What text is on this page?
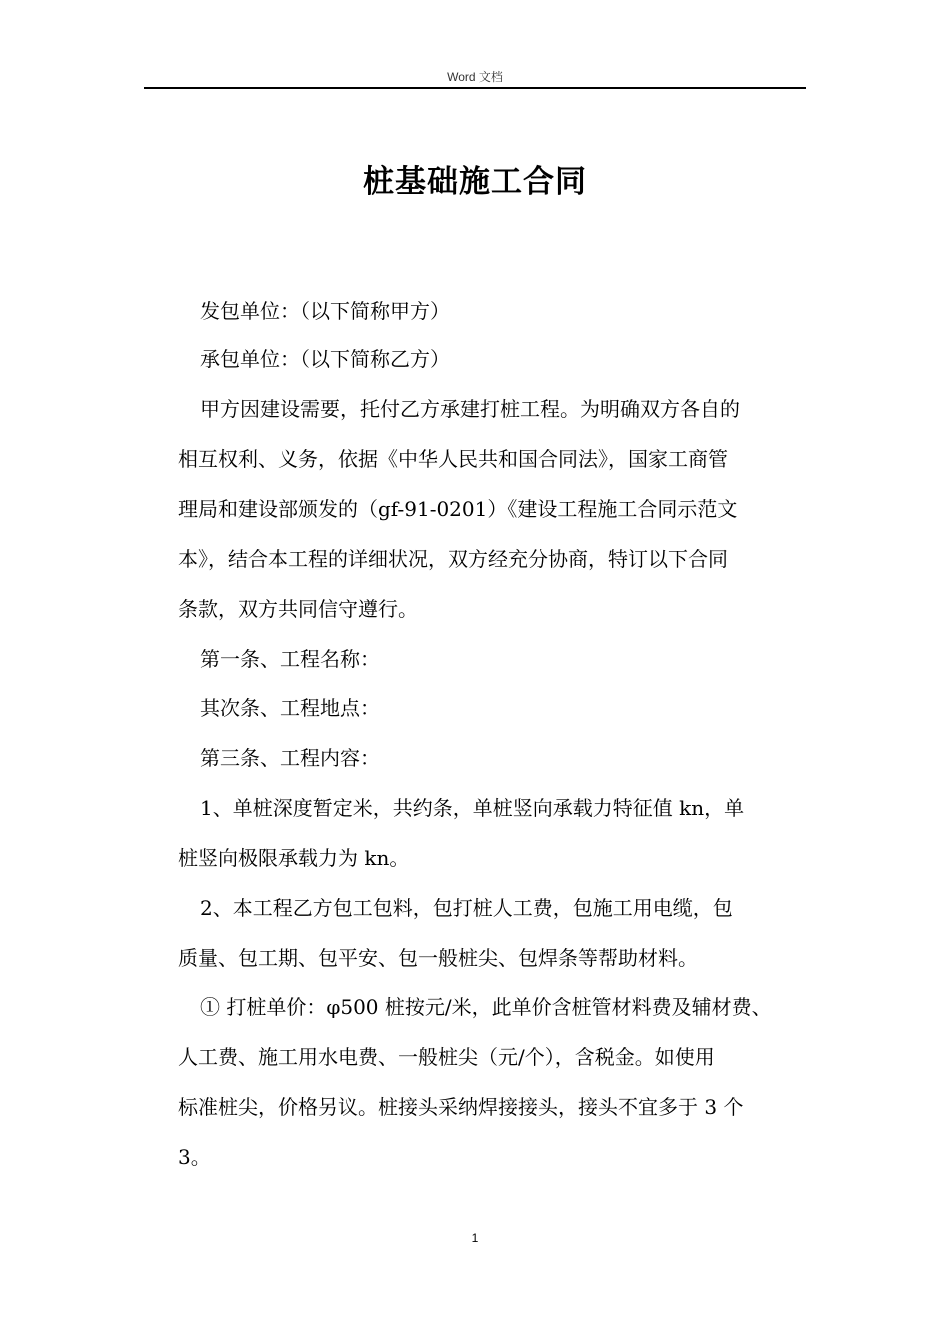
Word 文档
桩基础施工合同
发包单位：（以下简称甲方）
承包单位：（以下简称乙方）
甲方因建设需要，托付乙方承建打桩工程。为明确双方各自的
相互权利、义务，依据《中华人民共和国合同法》，国家工商管
理局和建设部颁发的（gf-91-0201）《建设工程施工合同示范文
本》，结合本工程的详细状况，双方经充分协商，特订以下合同
条款，双方共同信守遵行。
第一条、工程名称：
其次条、工程地点：
第三条、工程内容：
1、单桩深度暂定米，共约条，单桩竖向承载力特征值 kn，单
桩竖向极限承载力为 kn。
2、本工程乙方包工包料，包打桩人工费，包施工用电缆，包
质量、包工期、包平安、包一般桩尖、包焊条等帮助材料。
① 打桩单价：φ500 桩按元/米，此单价含桩管材料费及辅材费、
人工费、施工用水电费、一般桩尖（元/个），含税金。如使用
标准桩尖，价格另议。桩接头采纳焊接接头，接头不宜多于 3 个
3。
1
